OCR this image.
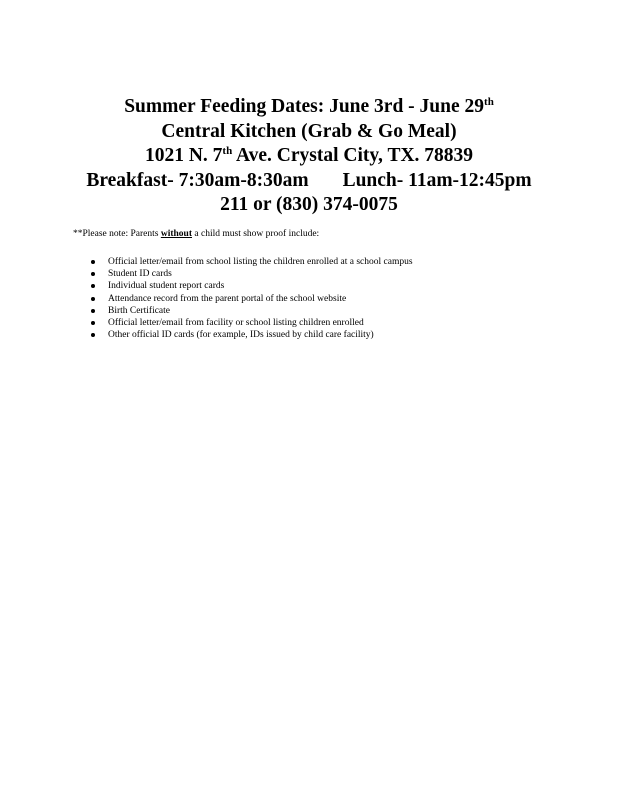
Summer Feeding Dates: June 3rd - June 29th
Central Kitchen (Grab & Go Meal)
1021 N. 7th Ave. Crystal City, TX. 78839
Breakfast- 7:30am-8:30am Lunch- 11am-12:45pm
211 or (830) 374-0075
**Please note: Parents without a child must show proof include:
Official letter/email from school listing the children enrolled at a school campus
Student ID cards
Individual student report cards
Attendance record from the parent portal of the school website
Birth Certificate
Official letter/email from facility or school listing children enrolled
Other official ID cards (for example, IDs issued by child care facility)
